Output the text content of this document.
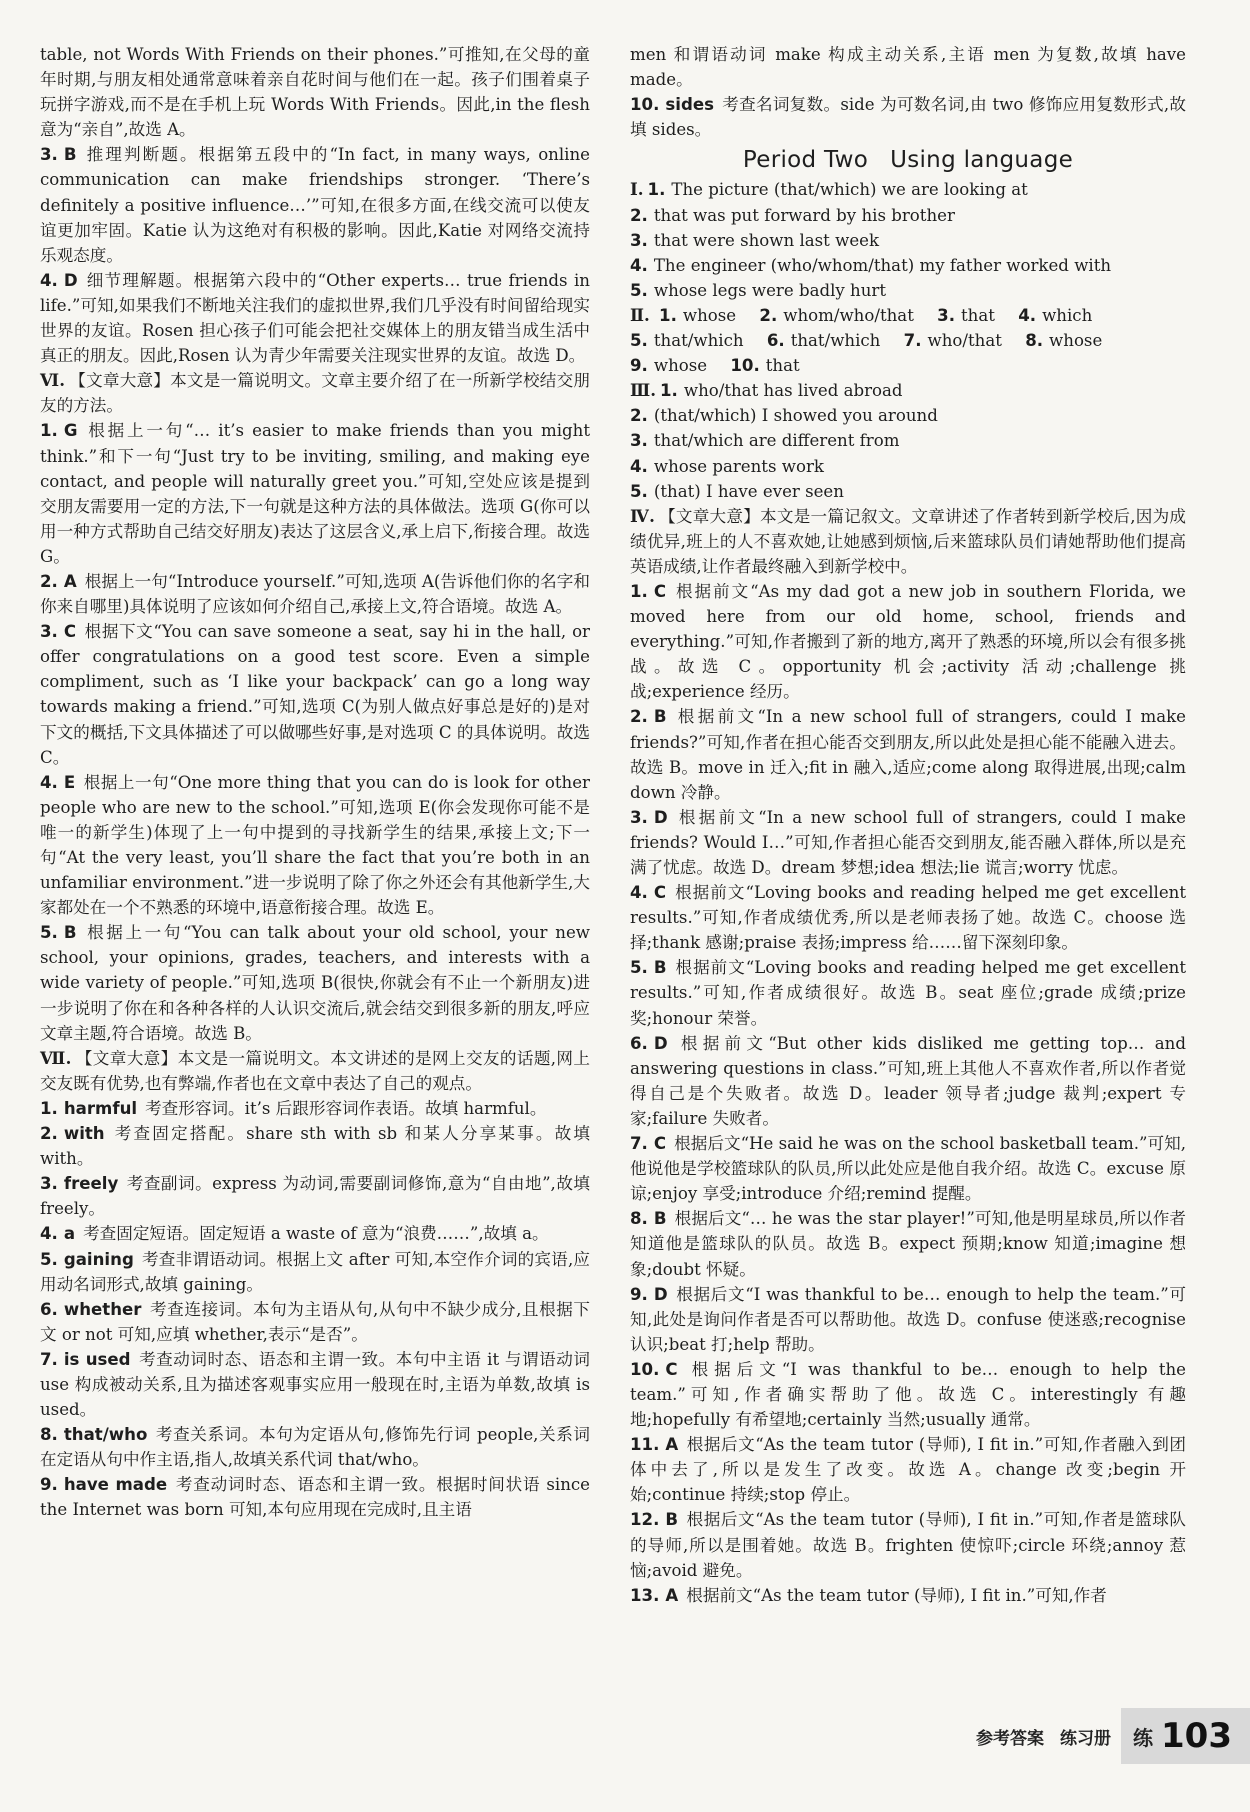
table, not Words With Friends on their phones.”可推知,在父母的童年时期,与朋友相处通常意味着亲自花时间与他们在一起。孩子们围着桌子玩拼字游戏,而不是在手机上玩 Words With Friends。因此,in the flesh 意为“亲自”,故选 A。

3. B 推理判断题。根据第五段中的“In fact, in many ways, online communication can make friendships stronger. ‘There’s definitely a positive influence…’”可知,在很多方面,在线交流可以使友谊更加牢固。Katie 认为这绝对有积极的影响。因此,Katie 对网络交流持乐观态度。

4. D 细节理解题。根据第六段中的“Other experts… true friends in life.”可知,如果我们不断地关注我们的虚拟世界,我们几乎没有时间留给现实世界的友谊。Rosen 担心孩子们可能会把社交媒体上的朋友错当成生活中真正的朋友。因此,Rosen 认为青少年需要关注现实世界的友谊。故选 D。

Ⅵ. 【文章大意】本文是一篇说明文。文章主要介绍了在一所新学校结交朋友的方法。

1. G 根据上一句“… it’s easier to make friends than you might think.”和下一句“Just try to be inviting, smiling, and making eye contact, and people will naturally greet you.”可知,空处应该是提到交朋友需要用一定的方法,下一句就是这种方法的具体做法。选项 G(你可以用一种方式帮助自己结交好朋友)表达了这层含义,承上启下,衔接合理。故选 G。

2. A 根据上一句“Introduce yourself.”可知,选项 A(告诉他们你的名字和你来自哪里)具体说明了应该如何介绍自己,承接上文,符合语境。故选 A。

3. C 根据下文“You can save someone a seat, say hi in the hall, or offer congratulations on a good test score. Even a simple compliment, such as ‘I like your backpack’ can go a long way towards making a friend.”可知,选项 C(为别人做点好事总是好的)是对下文的概括,下文具体描述了可以做哪些好事,是对选项 C 的具体说明。故选 C。

4. E 根据上一句“One more thing that you can do is look for other people who are new to the school.”可知,选项 E(你会发现你可能不是唯一的新学生)体现了上一句中提到的寻找新学生的结果,承接上文;下一句“At the very least, you’ll share the fact that you’re both in an unfamiliar environment.”进一步说明了除了你之外还会有其他新学生,大家都处在一个不熟悉的环境中,语意衔接合理。故选 E。

5. B 根据上一句“You can talk about your old school, your new school, your opinions, grades, teachers, and interests with a wide variety of people.”可知,选项 B(很快,你就会有不止一个新朋友)进一步说明了你在和各种各样的人认识交流后,就会结交到很多新的朋友,呼应文章主题,符合语境。故选 B。

Ⅶ. 【文章大意】本文是一篇说明文。本文讲述的是网上交友的话题,网上交友既有优势,也有弊端,作者也在文章中表达了自己的观点。

1. harmful 考查形容词。it’s 后跟形容词作表语。故填 harmful。

2. with 考查固定搭配。share sth with sb 和某人分享某事。故填 with。

3. freely 考查副词。express 为动词,需要副词修饰,意为“自由地”,故填 freely。

4. a 考查固定短语。固定短语 a waste of 意为“浪费……”,故填 a。

5. gaining 考查非谓语动词。根据上文 after 可知,本空作介词的宾语,应用动名词形式,故填 gaining。

6. whether 考查连接词。本句为主语从句,从句中不缺少成分,且根据下文 or not 可知,应填 whether,表示“是否”。

7. is used 考查动词时态、语态和主谓一致。本句中主语 it 与谓语动词 use 构成被动关系,且为描述客观事实应用一般现在时,主语为单数,故填 is used。

8. that/who 考查关系词。本句为定语从句,修饰先行词 people,关系词在定语从句中作主语,指人,故填关系代词 that/who。

9. have made 考查动词时态、语态和主谓一致。根据时间状语 since the Internet was born 可知,本句应用现在完成时,且主语

men 和谓语动词 make 构成主动关系,主语 men 为复数,故填 have made。

10. sides 考查名词复数。side 为可数名词,由 two 修饰应用复数形式,故填 sides。

Period Two Using language

Ⅰ. 1. The picture (that/which) we are looking at
2. that was put forward by his brother
3. that were shown last week
4. The engineer (who/whom/that) my father worked with
5. whose legs were badly hurt
Ⅱ. 1. whose 2. whom/who/that 3. that 4. which
5. that/which 6. that/which 7. who/that 8. whose
9. whose 10. that
Ⅲ. 1. who/that has lived abroad
2. (that/which) I showed you around
3. that/which are different from
4. whose parents work
5. (that) I have ever seen

Ⅳ. 【文章大意】本文是一篇记叙文。文章讲述了作者转到新学校后,因为成绩优异,班上的人不喜欢她,让她感到烦恼,后来篮球队员们请她帮助他们提高英语成绩,让作者最终融入到新学校中。

1. C 根据前文“As my dad got a new job in southern Florida, we moved here from our old home, school, friends and everything.”可知,作者搬到了新的地方,离开了熟悉的环境,所以会有很多挑战。故选 C。opportunity 机会;activity 活动;challenge 挑战;experience 经历。

2. B 根据前文“In a new school full of strangers, could I make friends?”可知,作者在担心能否交到朋友,所以此处是担心能不能融入进去。故选 B。move in 迁入;fit in 融入,适应;come along 取得进展,出现;calm down 冷静。

3. D 根据前文“In a new school full of strangers, could I make friends? Would I…”可知,作者担心能否交到朋友,能否融入群体,所以是充满了忧虑。故选 D。dream 梦想;idea 想法;lie 谎言;worry 忧虑。

4. C 根据前文“Loving books and reading helped me get excellent results.”可知,作者成绩优秀,所以是老师表扬了她。故选 C。choose 选择;thank 感谢;praise 表扬;impress 给……留下深刻印象。

5. B 根据前文“Loving books and reading helped me get excellent results.”可知,作者成绩很好。故选 B。seat 座位;grade 成绩;prize 奖;honour 荣誉。

6. D 根据前文“But other kids disliked me getting top… and answering questions in class.”可知,班上其他人不喜欢作者,所以作者觉得自己是个失败者。故选 D。leader 领导者;judge 裁判;expert 专家;failure 失败者。

7. C 根据后文“He said he was on the school basketball team.”可知,他说他是学校篮球队的队员,所以此处应是他自我介绍。故选 C。excuse 原谅;enjoy 享受;introduce 介绍;remind 提醒。

8. B 根据后文“… he was the star player!”可知,他是明星球员,所以作者知道他是篮球队的队员。故选 B。expect 预期;know 知道;imagine 想象;doubt 怀疑。

9. D 根据后文“I was thankful to be… enough to help the team.”可知,此处是询问作者是否可以帮助他。故选 D。confuse 使迷惑;recognise 认识;beat 打;help 帮助。

10. C 根据后文“I was thankful to be… enough to help the team.”可知,作者确实帮助了他。故选 C。interestingly 有趣地;hopefully 有希望地;certainly 当然;usually 通常。

11. A 根据后文“As the team tutor (导师), I fit in.”可知,作者融入到团体中去了,所以是发生了改变。故选 A。change 改变;begin 开始;continue 持续;stop 停止。

12. B 根据后文“As the team tutor (导师), I fit in.”可知,作者是篮球队的导师,所以是围着她。故选 B。frighten 使惊吓;circle 环绕;annoy 惹恼;avoid 避免。

13. A 根据前文“As the team tutor (导师), I fit in.”可知,作者

参考答案 练习册 练 103
